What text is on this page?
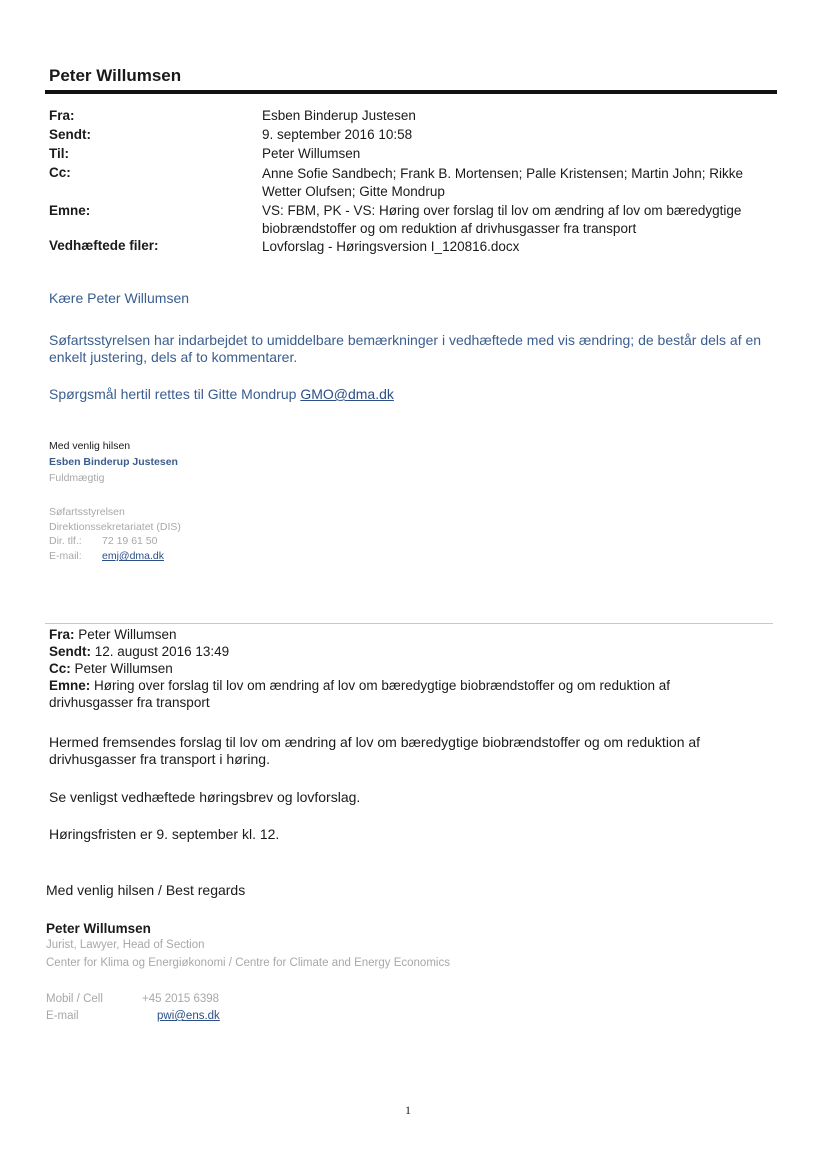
Peter Willumsen
Fra:	Esben Binderup Justesen
Sendt:	9. september 2016 10:58
Til:	Peter Willumsen
Cc:	Anne Sofie Sandbech; Frank B. Mortensen; Palle Kristensen; Martin John; Rikke
Wetter Olufsen; Gitte Mondrup
Emne:	VS: FBM, PK - VS: Høring over forslag til lov om ændring af lov om bæredygtige
biobrændstoffer og om reduktion af drivhusgasser fra transport
Vedhæftede filer:	Lovforslag - Høringsversion I_120816.docx
Kære Peter Willumsen
Søfartsstyrelsen har indarbejdet to umiddelbare bemærkninger i vedhæftede med vis ændring; de består dels af en
enkelt justering, dels af to kommentarer.
Spørgsmål hertil rettes til Gitte Mondrup GMO@dma.dk
Med venlig hilsen
Esben Binderup Justesen
Fuldmægtig
Søfartsstyrelsen
Direktionssekretariatet (DIS)
Dir. tlf.: 72 19 61 50
E-mail: emj@dma.dk
Fra: Peter Willumsen
Sendt: 12. august 2016 13:49
Cc: Peter Willumsen
Emne: Høring over forslag til lov om ændring af lov om bæredygtige biobrændstoffer og om reduktion af
drivhusgasser fra transport
Hermed fremsendes forslag til lov om ændring af lov om bæredygtige biobrændstoffer og om reduktion af
drivhusgasser fra transport i høring.
Se venligst vedhæftede høringsbrev og lovforslag.
Høringsfristen er 9. september kl. 12.
Med venlig hilsen / Best regards
Peter Willumsen
Jurist, Lawyer, Head of Section
Center for Klima og Energiøkonomi / Centre for Climate and Energy Economics
Mobil / Cell	+45 2015 6398
E-mail	pwi@ens.dk
1
